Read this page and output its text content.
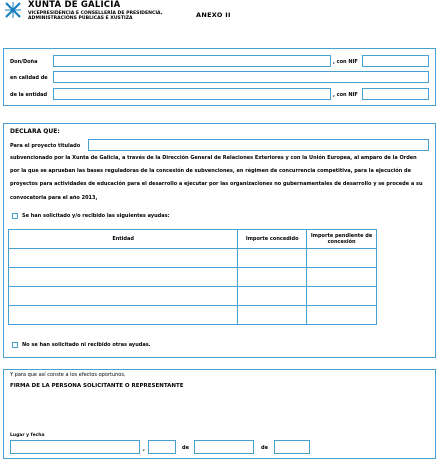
XUNTA DE GALICIA
VICEPRESIDENCIA E CONSELLERÍA DE PRESIDENCIA,
ADMINISTRACIÓNS PÚBLICAS E XUSTIZA	ANEXO II
Don/Doña	, con NIF
en calidad de
de la entidad	, con NIF
DECLARA QUE:
Para el proyecto titulado
subvencionado por la Xunta de Galicia, a través de la Dirección General de Relaciones Exteriores y con la Unión Europea, al amparo de la Orden
por la que se aprueban las bases reguladoras de la concesión de subvenciones, en régimen de concurrencia competitiva, para la ejecución de
proyectos para actividades de educación para el desarrollo a ejecutar por las organizaciones no gubernamentales de desarrollo y se procede a su
convocatoria para el año 2013,
Se han solicitado y/o recibido las siguientes ayudas:
Entidad	Importe concedido	Importe pendiente de concesión

No se han solicitado ni recibido otras ayudas.
Y para que así conste a los efectos oportunos,
FIRMA DE LA PERSONA SOLICITANTE O REPRESENTANTE
Lugar y fecha
,	de	de
